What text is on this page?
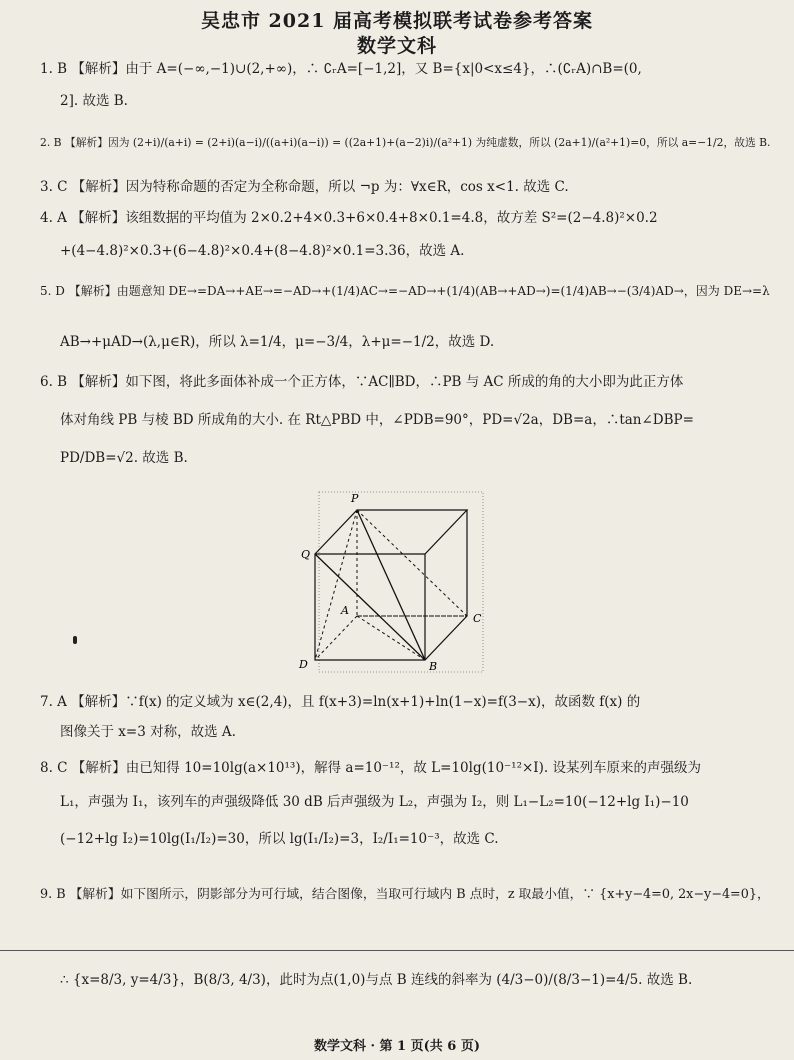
吴忠市 2021 届高考模拟联考试卷参考答案
数学文科
1. B 【解析】由于 A=(−∞,−1)∪(2,+∞)，∴ ∁ᵣA=[−1,2]，又 B={x|0<x≤4}，∴(∁ᵣA)∩B=(0,
2]. 故选 B.
2. B 【解析】因为 (2+i)/(a+i) = (2+i)(a−i)/((a+i)(a−i)) = ((2a+1)+(a−2)i)/(a²+1) 为纯虚数，所以 (2a+1)/(a²+1)=0，所以 a=−1/2，故选 B.
3. C 【解析】因为特称命题的否定为全称命题，所以 ¬p 为：∀x∈R，cos x<1. 故选 C.
4. A 【解析】该组数据的平均值为 2×0.2+4×0.3+6×0.4+8×0.1=4.8，故方差 S²=(2−4.8)²×0.2
+(4−4.8)²×0.3+(6−4.8)²×0.4+(8−4.8)²×0.1=3.36，故选 A.
5. D 【解析】由题意知 DE→=DA→+AE→=−AD→+(1/4)AC→=−AD→+(1/4)(AB→+AD→)=(1/4)AB→−(3/4)AD→，因为 DE→=λ
AB→+μAD→(λ,μ∈R)，所以 λ=1/4，μ=−3/4，λ+μ=−1/2，故选 D.
6. B 【解析】如下图，将此多面体补成一个正方体，∵AC∥BD，∴PB 与 AC 所成的角的大小即为此正方体
体对角线 PB 与棱 BD 所成角的大小. 在 Rt△PBD 中，∠PDB=90°，PD=√2a，DB=a，∴tan∠DBP=
PD/DB=√2. 故选 B.
P
Q
A
C
D	B
7. A 【解析】∵f(x) 的定义域为 x∈(2,4)，且 f(x+3)=ln(x+1)+ln(1−x)=f(3−x)，故函数 f(x) 的
图像关于 x=3 对称，故选 A.
8. C 【解析】由已知得 10=10lg(a×10¹³)，解得 a=10⁻¹²，故 L=10lg(10⁻¹²×I). 设某列车原来的声强级为
L₁，声强为 I₁，该列车的声强级降低 30 dB 后声强级为 L₂，声强为 I₂，则 L₁−L₂=10(−12+lg I₁)−10
(−12+lg I₂)=10lg(I₁/I₂)=30，所以 lg(I₁/I₂)=3，I₂/I₁=10⁻³，故选 C.
9. B 【解析】如下图所示，阴影部分为可行域，结合图像，当取可行域内 B 点时，z 取最小值，∵ {x+y−4=0, 2x−y−4=0}，
∴ {x=8/3, y=4/3}，B(8/3, 4/3)，此时为点(1,0)与点 B 连线的斜率为 (4/3−0)/(8/3−1)=4/5. 故选 B.
数学文科 · 第 1 页(共 6 页)
